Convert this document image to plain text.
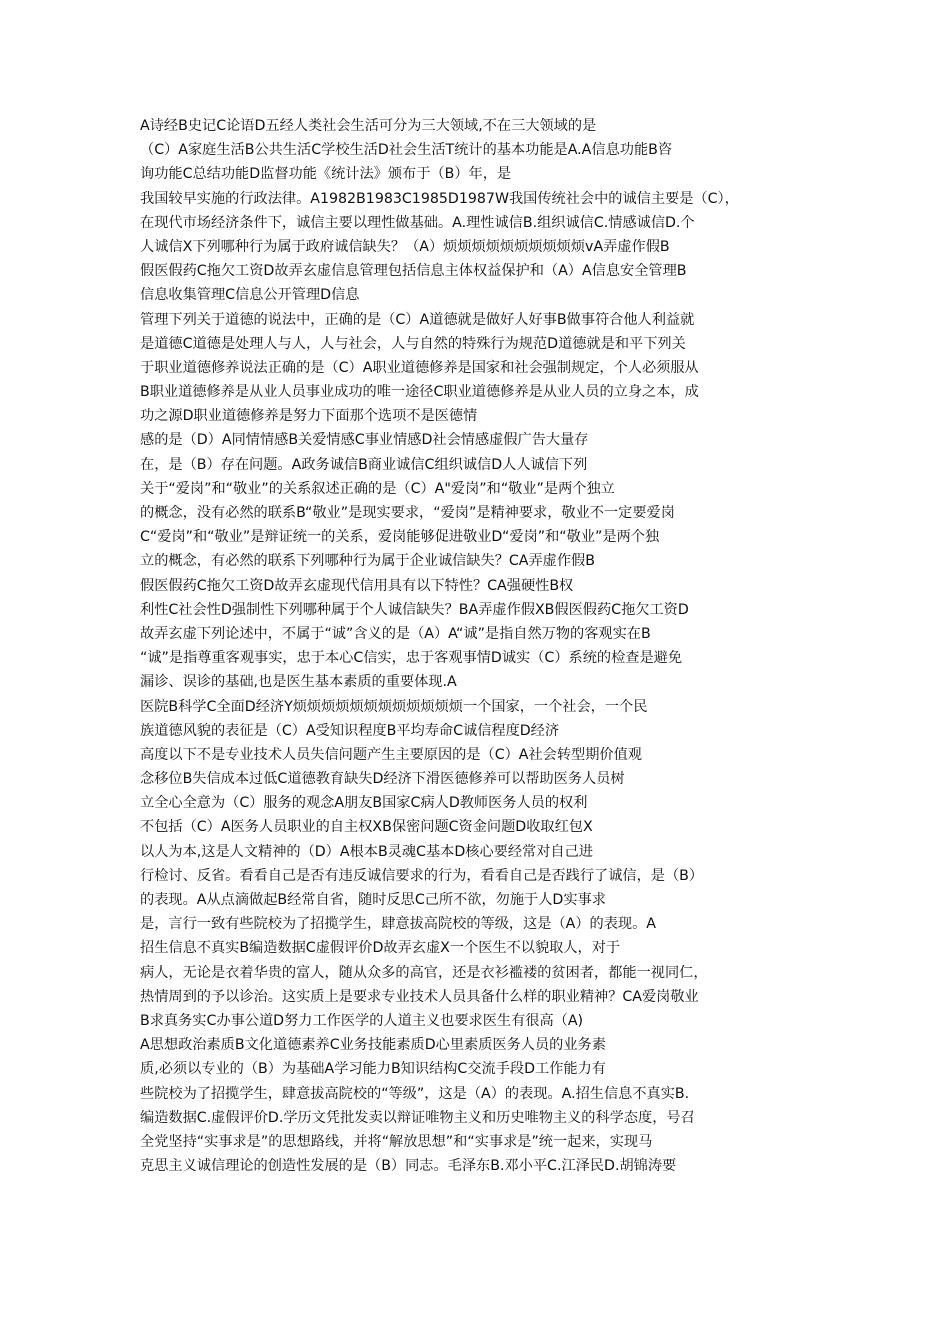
A诗经B史记C论语D五经人类社会生活可分为三大领域,不在三大领域的是
（C）A家庭生活B公共生活C学校生活D社会生活T统计的基本功能是A.A信息功能B咨
询功能C总结功能D监督功能《统计法》颁布于（B）年，是
我国较早实施的行政法律。A1982B1983C1985D1987W我国传统社会中的诚信主要是（C），
在现代市场经济条件下，诚信主要以理性做基础。A.理性诚信B.组织诚信C.情感诚信D.个
人诚信X下列哪种行为属于政府诚信缺失？（A）烦烦烦烦烦烦烦烦烦烦vA弄虚作假B
假医假药C拖欠工资D故弄玄虚信息管理包括信息主体权益保护和（A）A信息安全管理B
信息收集管理C信息公开管理D信息
管理下列关于道德的说法中，正确的是（C）A道德就是做好人好事B做事符合他人利益就
是道德C道德是处理人与人，人与社会，人与自然的特殊行为规范D道德就是和平下列关
于职业道德修养说法正确的是（C）A职业道德修养是国家和社会强制规定，个人必须服从
B职业道德修养是从业人员事业成功的唯一途径C职业道德修养是从业人员的立身之本，成
功之源D职业道德修养是努力下面那个选项不是医德情
感的是（D）A同情情感B关爱情感C事业情感D社会情感虚假广告大量存
在，是（B）存在问题。A政务诚信B商业诚信C组织诚信D人人诚信下列
关于“爱岗”和“敬业”的关系叙述正确的是（C）A"爱岗”和“敬业”是两个独立
的概念，没有必然的联系B“敬业”是现实要求，“爱岗”是精神要求，敬业不一定要爱岗
C“爱岗”和“敬业”是辩证统一的关系，爱岗能够促进敬业D“爱岗”和“敬业”是两个独
立的概念，有必然的联系下列哪种行为属于企业诚信缺失？CA弄虚作假B
假医假药C拖欠工资D故弄玄虚现代信用具有以下特性？CA强硬性B权
利性C社会性D强制性下列哪种属于个人诚信缺失？BA弄虚作假XB假医假药C拖欠工资D
故弄玄虚下列论述中，不属于“诚”含义的是（A）A“诚”是指自然万物的客观实在B
“诚”是指尊重客观事实，忠于本心C信实，忠于客观事情D诚实（C）系统的检查是避免
漏诊、误诊的基础,也是医生基本素质的重要体现.A
医院B科学C全面D经济Y烦烦烦烦烦烦烦烦烦烦烦烦一个国家，一个社会，一个民
族道德风貌的表征是（C）A受知识程度B平均寿命C诚信程度D经济
高度以下不是专业技术人员失信问题产生主要原因的是（C）A社会转型期价值观
念移位B失信成本过低C道德教育缺失D经济下滑医德修养可以帮助医务人员树
立全心全意为（C）服务的观念A朋友B国家C病人D教师医务人员的权利
不包括（C）A医务人员职业的自主权XB保密问题C资金问题D收取红包X
以人为本,这是人文精神的（D）A根本B灵魂C基本D核心要经常对自己进
行检讨、反省。看看自己是否有违反诚信要求的行为，看看自己是否践行了诚信，是（B）
的表现。A从点滴做起B经常自省，随时反思C己所不欲，勿施于人D实事求
是，言行一致有些院校为了招揽学生，肆意拔高院校的等级，这是（A）的表现。A
招生信息不真实B编造数据C虚假评价D故弄玄虚X一个医生不以貌取人，对于
病人，无论是衣着华贵的富人，随从众多的高官，还是衣衫褴褛的贫困者，都能一视同仁，
热情周到的予以诊治。这实质上是要求专业技术人员具备什么样的职业精神？CA爱岗敬业
B求真务实C办事公道D努力工作医学的人道主义也要求医生有很高（A)
A思想政治素质B文化道德素养C业务技能素质D心里素质医务人员的业务素
质,必须以专业的（B）为基础A学习能力B知识结构C交流手段D工作能力有
些院校为了招揽学生，肆意拔高院校的“等级”，这是（A）的表现。A.招生信息不真实B.
编造数据C.虚假评价D.学历文凭批发卖以辩证唯物主义和历史唯物主义的科学态度，号召
全党坚持“实事求是”的思想路线，并将“解放思想”和“实事求是”统一起来，实现马
克思主义诚信理论的创造性发展的是（B）同志。毛泽东B.邓小平C.江泽民D.胡锦涛要
